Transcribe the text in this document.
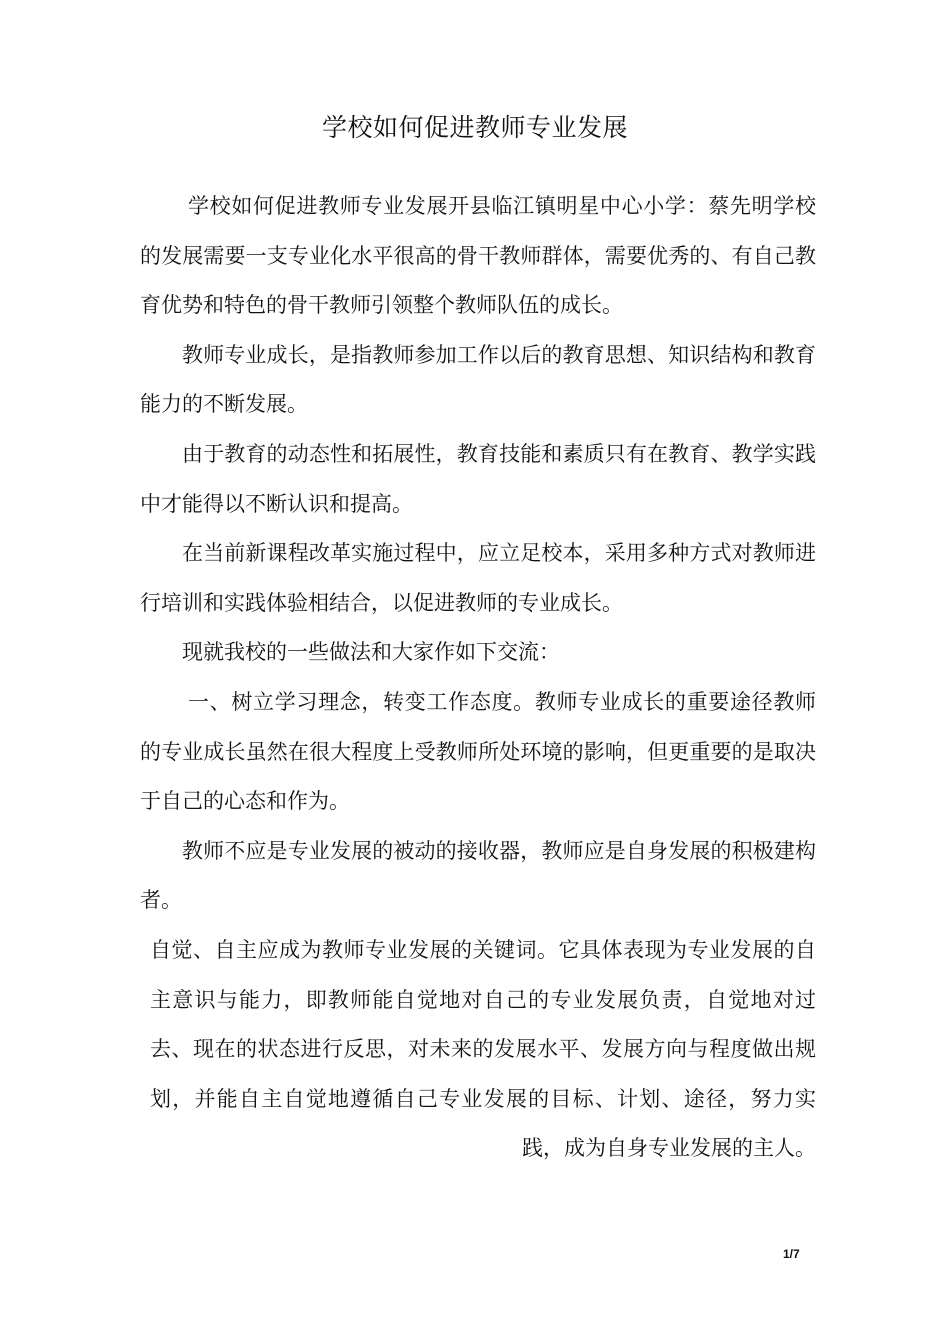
学校如何促进教师专业发展

学校如何促进教师专业发展开县临江镇明星中心小学：蔡先明学校的发展需要一支专业化水平很高的骨干教师群体，需要优秀的、有自己教育优势和特色的骨干教师引领整个教师队伍的成长。

教师专业成长，是指教师参加工作以后的教育思想、知识结构和教育能力的不断发展。

由于教育的动态性和拓展性，教育技能和素质只有在教育、教学实践中才能得以不断认识和提高。

在当前新课程改革实施过程中，应立足校本，采用多种方式对教师进行培训和实践体验相结合，以促进教师的专业成长。

现就我校的一些做法和大家作如下交流：

一、树立学习理念，转变工作态度。教师专业成长的重要途径教师的专业成长虽然在很大程度上受教师所处环境的影响，但更重要的是取决于自己的心态和作为。

教师不应是专业发展的被动的接收器，教师应是自身发展的积极建构者。

自觉、自主应成为教师专业发展的关键词。它具体表现为专业发展的自主意识与能力，即教师能自觉地对自己的专业发展负责，自觉地对过去、现在的状态进行反思，对未来的发展水平、发展方向与程度做出规划，并能自主自觉地遵循自己专业发展的目标、计划、途径，努力实践，成为自身专业发展的主人。

1/7
